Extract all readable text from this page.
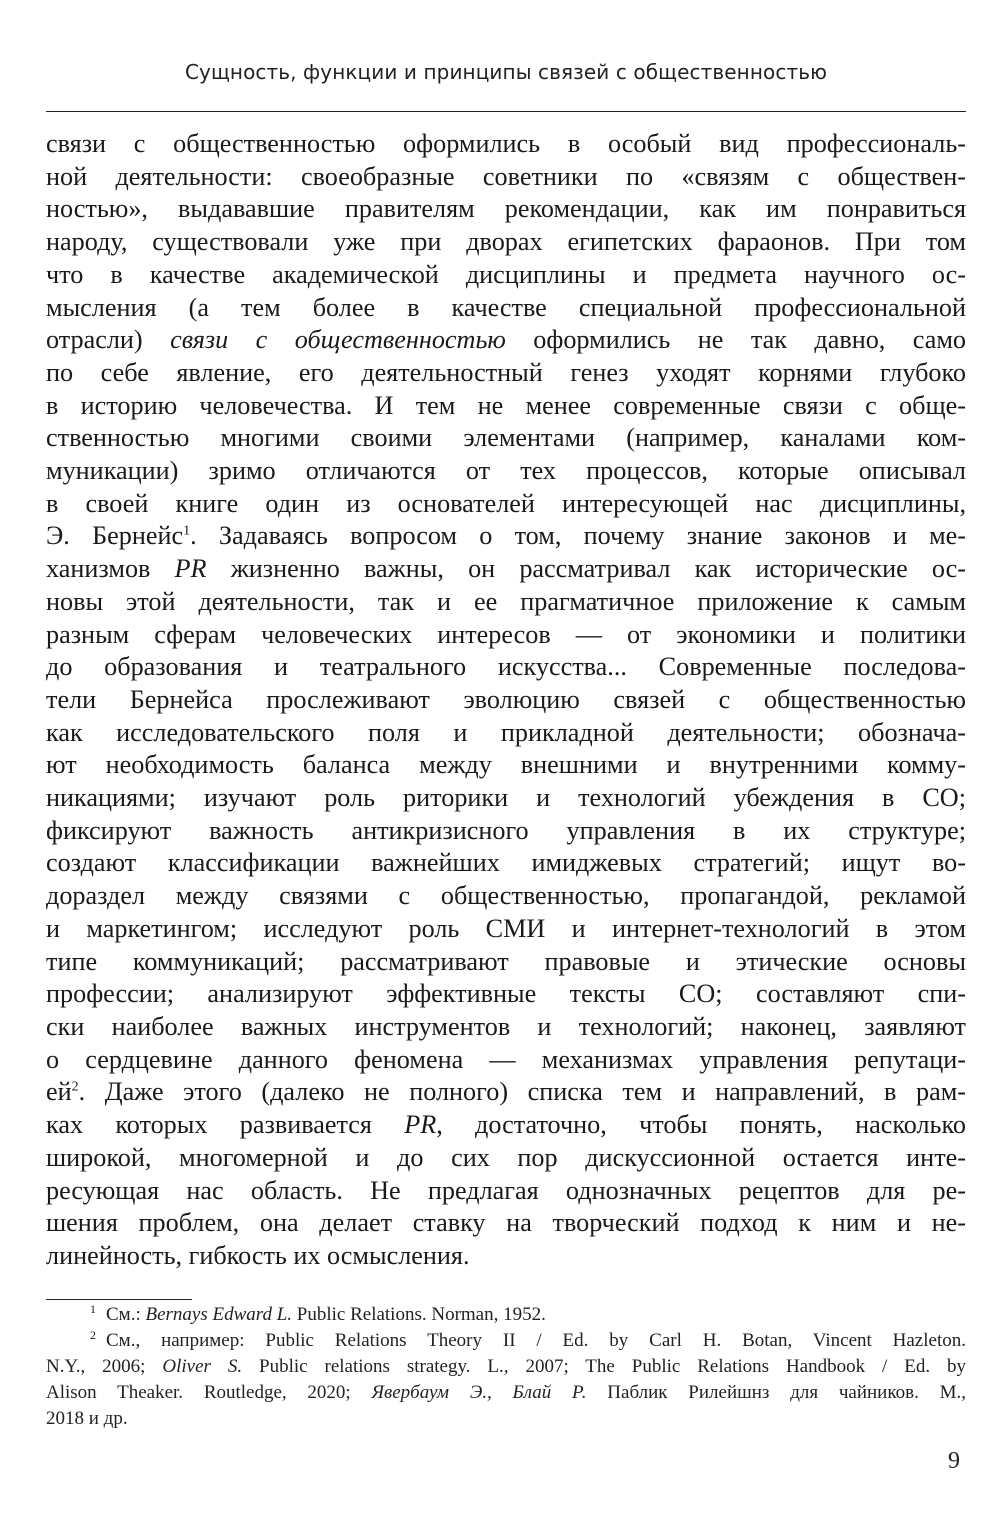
Сущность, функции и принципы связей с общественностью
связи с общественностью оформились в особый вид профессиональ-
ной деятельности: своеобразные советники по «связям с обществен-
ностью», выдававшие правителям рекомендации, как им понравиться
народу, существовали уже при дворах египетских фараонов. При том
что в качестве академической дисциплины и предмета научного ос-
мысления (а тем более в качестве специальной профессиональной
отрасли) связи с общественностью оформились не так давно, само
по себе явление, его деятельностный генез уходят корнями глубоко
в историю человечества. И тем не менее современные связи с обще-
ственностью многими своими элементами (например, каналами ком-
муникации) зримо отличаются от тех процессов, которые описывал
в своей книге один из основателей интересующей нас дисциплины,
Э. Бернейс$^1$. Задаваясь вопросом о том, почему знание законов и ме-
ханизмов PR жизненно важны, он рассматривал как исторические ос-
новы этой деятельности, так и ее прагматичное приложение к самым
разным сферам человеческих интересов — от экономики и политики
до образования и театрального искусства... Современные последова-
тели Бернейса прослеживают эволюцию связей с общественностью
как исследовательского поля и прикладной деятельности; обознача-
ют необходимость баланса между внешними и внутренними комму-
никациями; изучают роль риторики и технологий убеждения в СО;
фиксируют важность антикризисного управления в их структуре;
создают классификации важнейших имиджевых стратегий; ищут во-
дораздел между связями с общественностью, пропагандой, рекламой
и маркетингом; исследуют роль СМИ и интернет-технологий в этом
типе коммуникаций; рассматривают правовые и этические основы
профессии; анализируют эффективные тексты СО; составляют спи-
ски наиболее важных инструментов и технологий; наконец, заявляют
о сердцевине данного феномена — механизмах управления репутаци-
ей$^2$. Даже этого (далеко не полного) списка тем и направлений, в рам-
ках которых развивается PR, достаточно, чтобы понять, насколько
широкой, многомерной и до сих пор дискуссионной остается инте-
ресующая нас область. Не предлагая однозначных рецептов для ре-
шения проблем, она делает ставку на творческий подход к ним и не-
линейность, гибкость их осмысления.
$^1$ См.: Bernays Edward L. Public Relations. Norman, 1952.
$^2$ См., например: Public Relations Theory II / Ed. by Carl H. Botan, Vincent Hazleton.
N.Y., 2006; Oliver S. Public relations strategy. L., 2007; The Public Relations Handbook / Ed. by
Alison Theaker. Routledge, 2020; Явербаум Э., Блай Р. Паблик Рилейшнз для чайников. М.,
2018 и др.
9
